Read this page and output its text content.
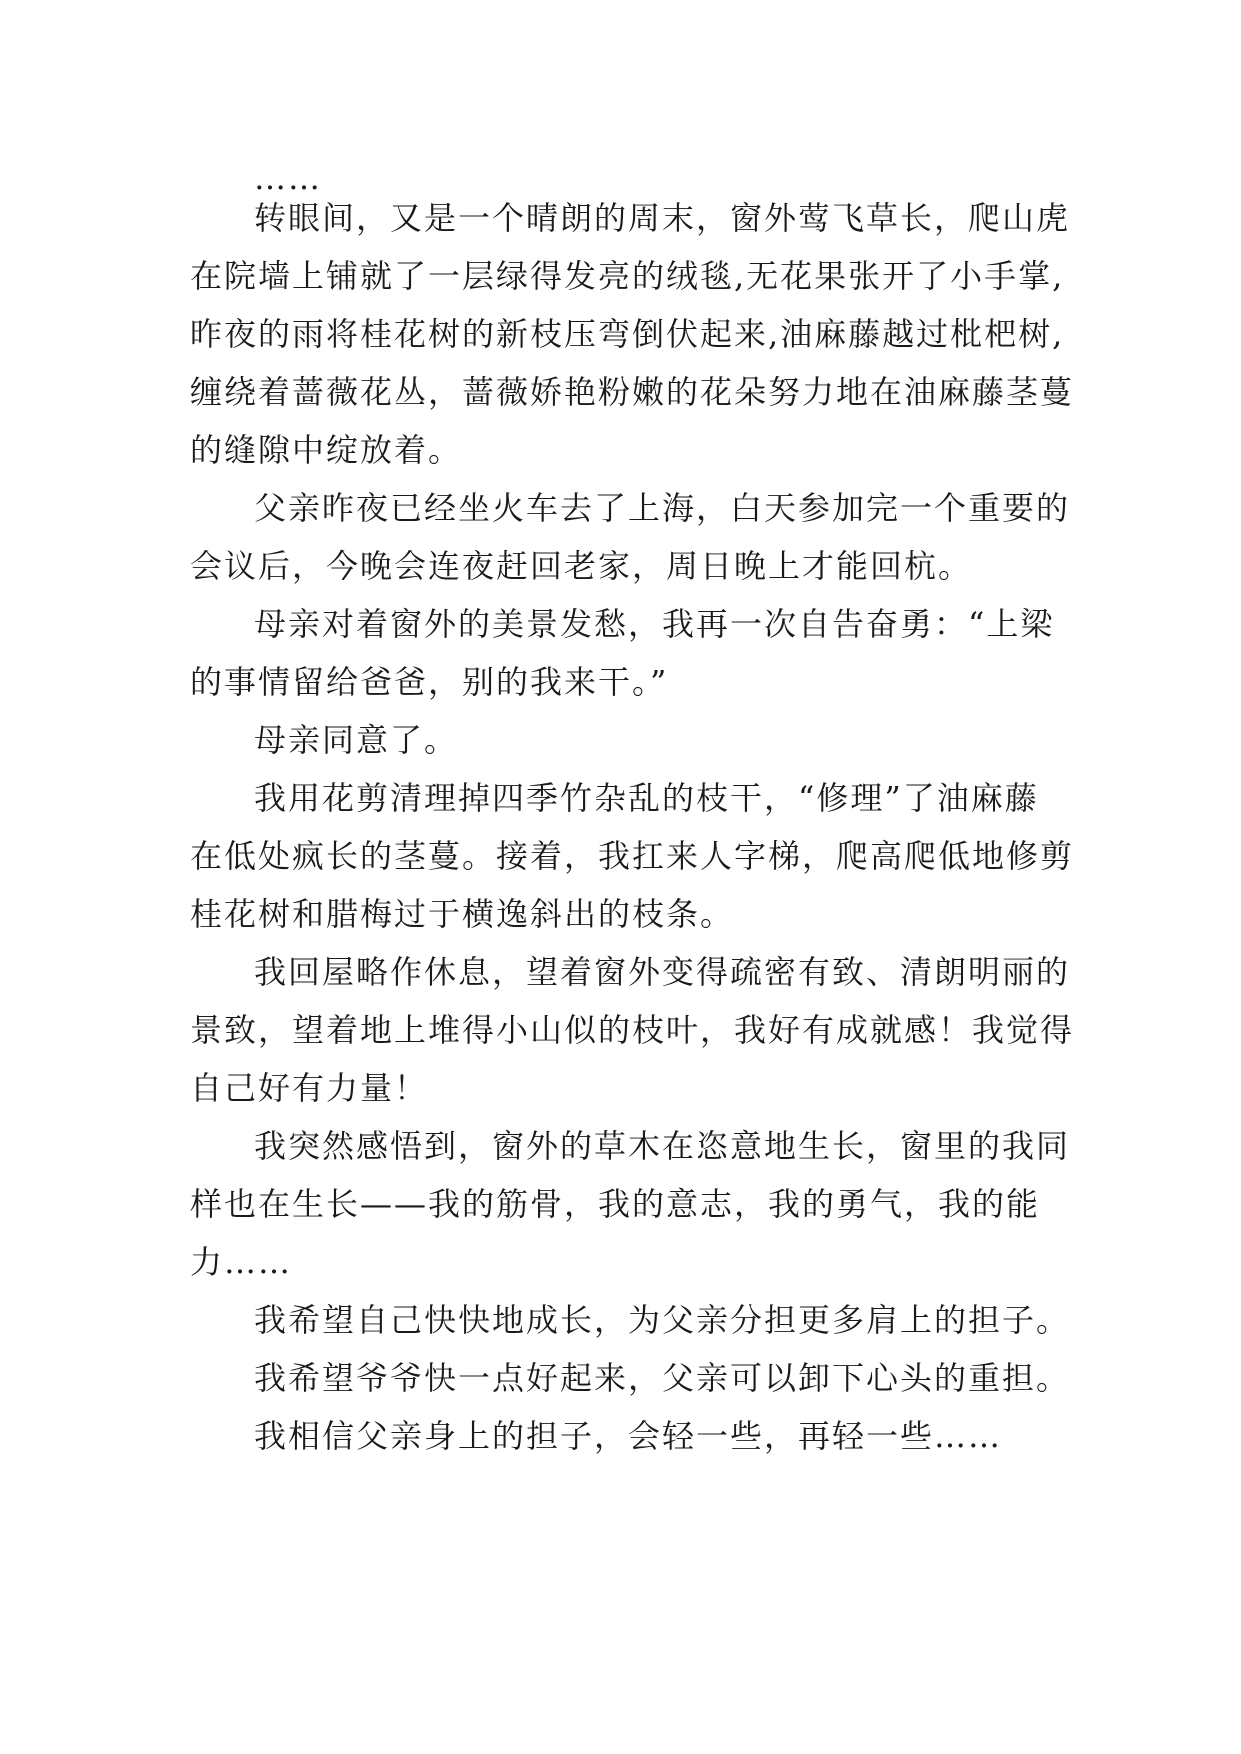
……
转眼间，又是一个晴朗的周末，窗外莺飞草长，爬山虎
在院墙上铺就了一层绿得发亮的绒毯,无花果张开了小手掌,
昨夜的雨将桂花树的新枝压弯倒伏起来,油麻藤越过枇杷树,
缠绕着蔷薇花丛，蔷薇娇艳粉嫩的花朵努力地在油麻藤茎蔓
的缝隙中绽放着。
父亲昨夜已经坐火车去了上海，白天参加完一个重要的
会议后，今晚会连夜赶回老家，周日晚上才能回杭。
母亲对着窗外的美景发愁，我再一次自告奋勇：“上梁
的事情留给爸爸，别的我来干。”
母亲同意了。
我用花剪清理掉四季竹杂乱的枝干，“修理”了油麻藤
在低处疯长的茎蔓。接着，我扛来人字梯，爬高爬低地修剪
桂花树和腊梅过于横逸斜出的枝条。
我回屋略作休息，望着窗外变得疏密有致、清朗明丽的
景致，望着地上堆得小山似的枝叶，我好有成就感！我觉得
自己好有力量！
我突然感悟到，窗外的草木在恣意地生长，窗里的我同
样也在生长——我的筋骨，我的意志，我的勇气，我的能
力……
我希望自己快快地成长，为父亲分担更多肩上的担子。
我希望爷爷快一点好起来，父亲可以卸下心头的重担。
我相信父亲身上的担子，会轻一些，再轻一些……
